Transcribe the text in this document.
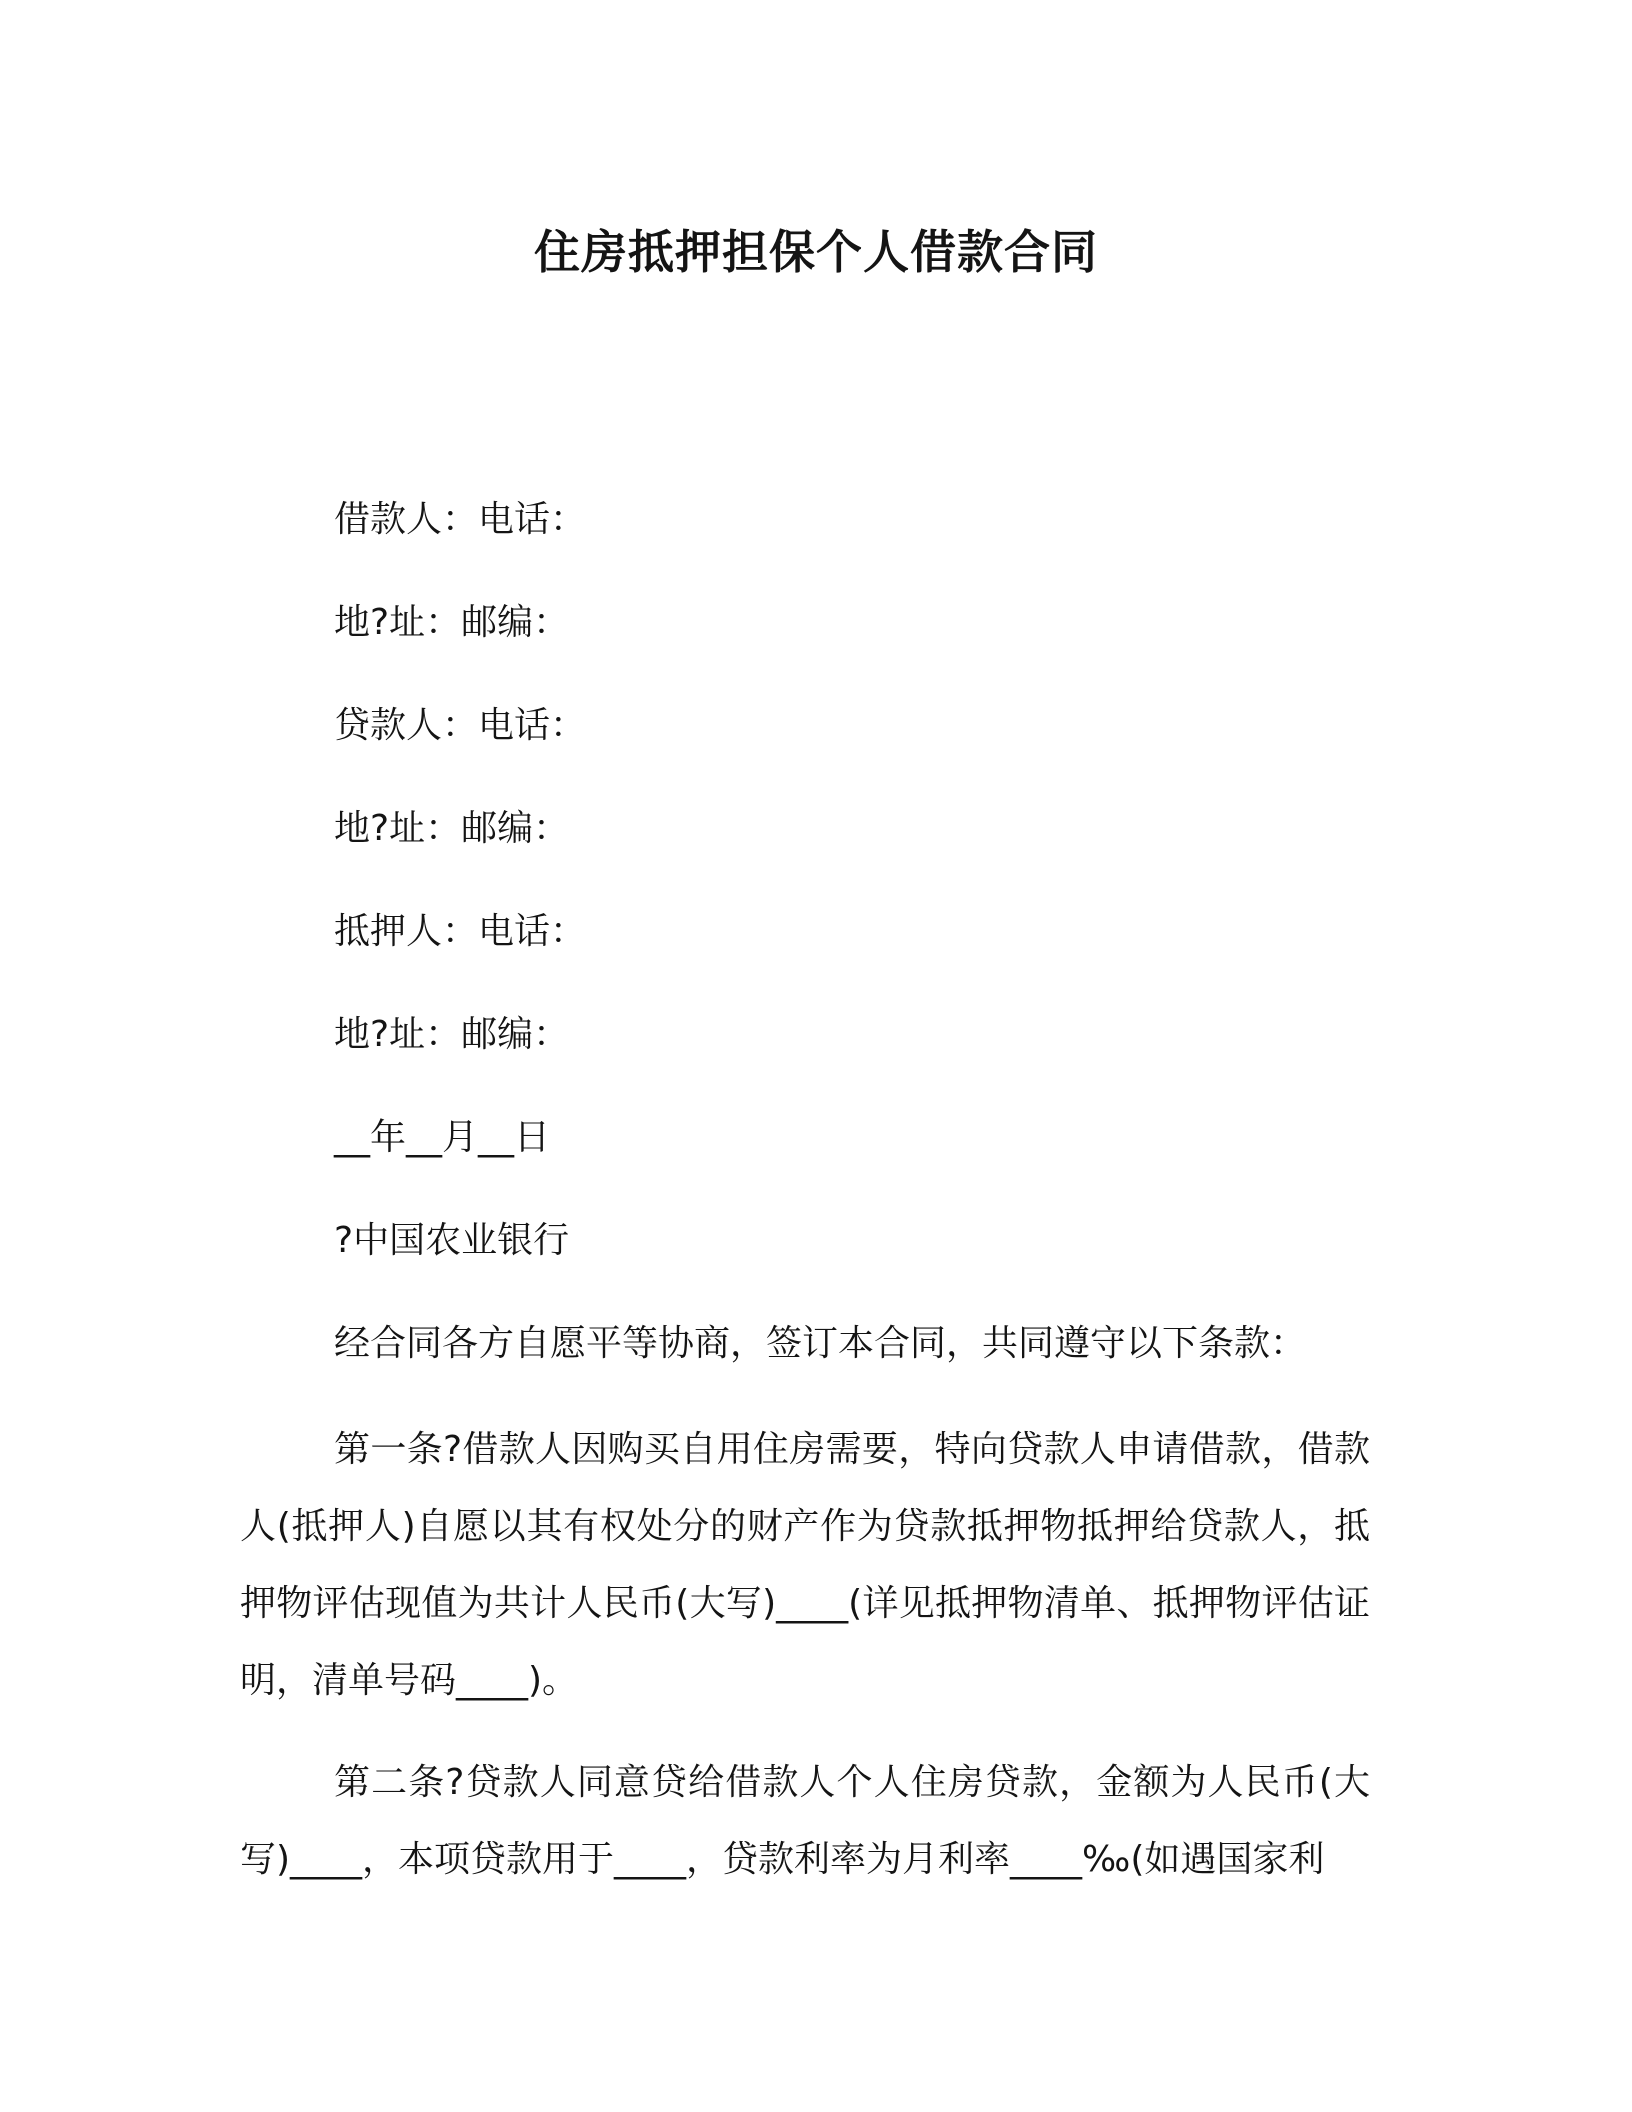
住房抵押担保个人借款合同
借款人：电话：
地?址：邮编：
贷款人：电话：
地?址：邮编：
抵押人：电话：
地?址：邮编：
__年__月__日
?中国农业银行
经合同各方自愿平等协商，签订本合同，共同遵守以下条款：
第一条?借款人因购买自用住房需要，特向贷款人申请借款，借款人(抵押人)自愿以其有权处分的财产作为贷款抵押物抵押给贷款人，抵押物评估现值为共计人民币(大写)____(详见抵押物清单、抵押物评估证明，清单号码____)。
第二条?贷款人同意贷给借款人个人住房贷款，金额为人民币(大写)____，本项贷款用于____，贷款利率为月利率____‰(如遇国家利
